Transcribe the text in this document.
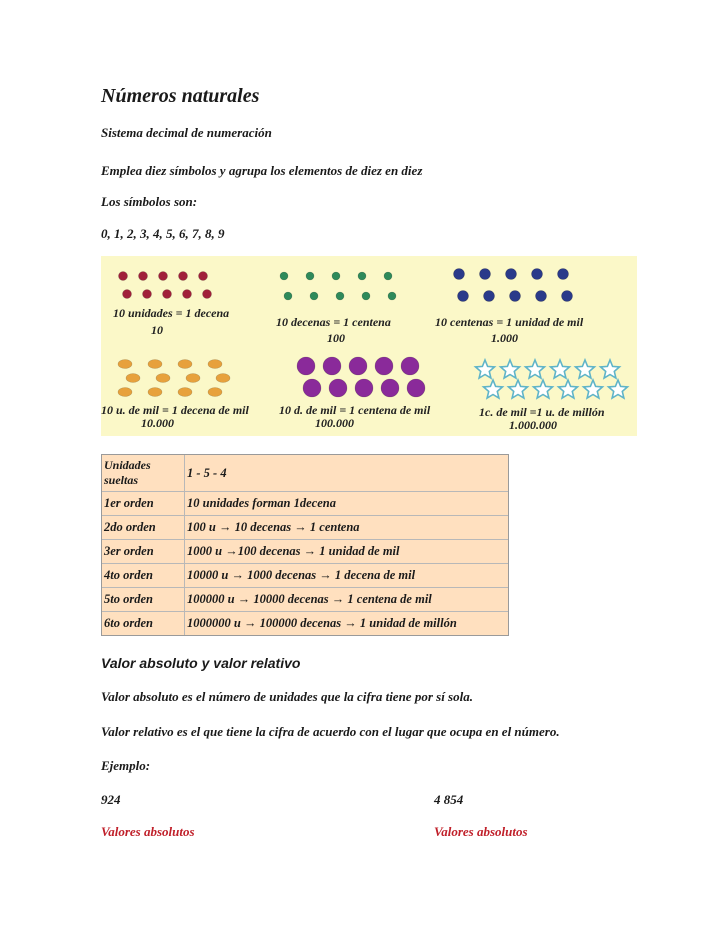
Números naturales
Sistema decimal de numeración
Emplea diez símbolos y agrupa los elementos de diez en diez
Los símbolos son:
0, 1, 2, 3, 4, 5, 6, 7, 8, 9
10 unidades = 1 decena
10
10 decenas = 1 centena
100
10 centenas = 1 unidad de mil
1.000
10 u. de mil = 1 decena de mil
10.000
10 d. de mil = 1 centena de mil
100.000
1c. de mil =1 u. de millón
1.000.000
Unidades sueltas	1 - 5 - 4
1er orden	10 unidades forman 1decena
2do orden	100 u → 10 decenas → 1 centena
3er orden	1000 u →100 decenas → 1 unidad de mil
4to orden	10000 u → 1000 decenas → 1 decena de mil
5to orden	100000 u → 10000 decenas → 1 centena de mil
6to orden	1000000 u → 100000 decenas → 1 unidad de millón
Valor absoluto y valor relativo
Valor absoluto es el número de unidades que la cifra tiene por sí sola.
Valor relativo es el que tiene la cifra de acuerdo con el lugar que ocupa en el número.
Ejemplo:
924	4 854
Valores absolutos	Valores absolutos
